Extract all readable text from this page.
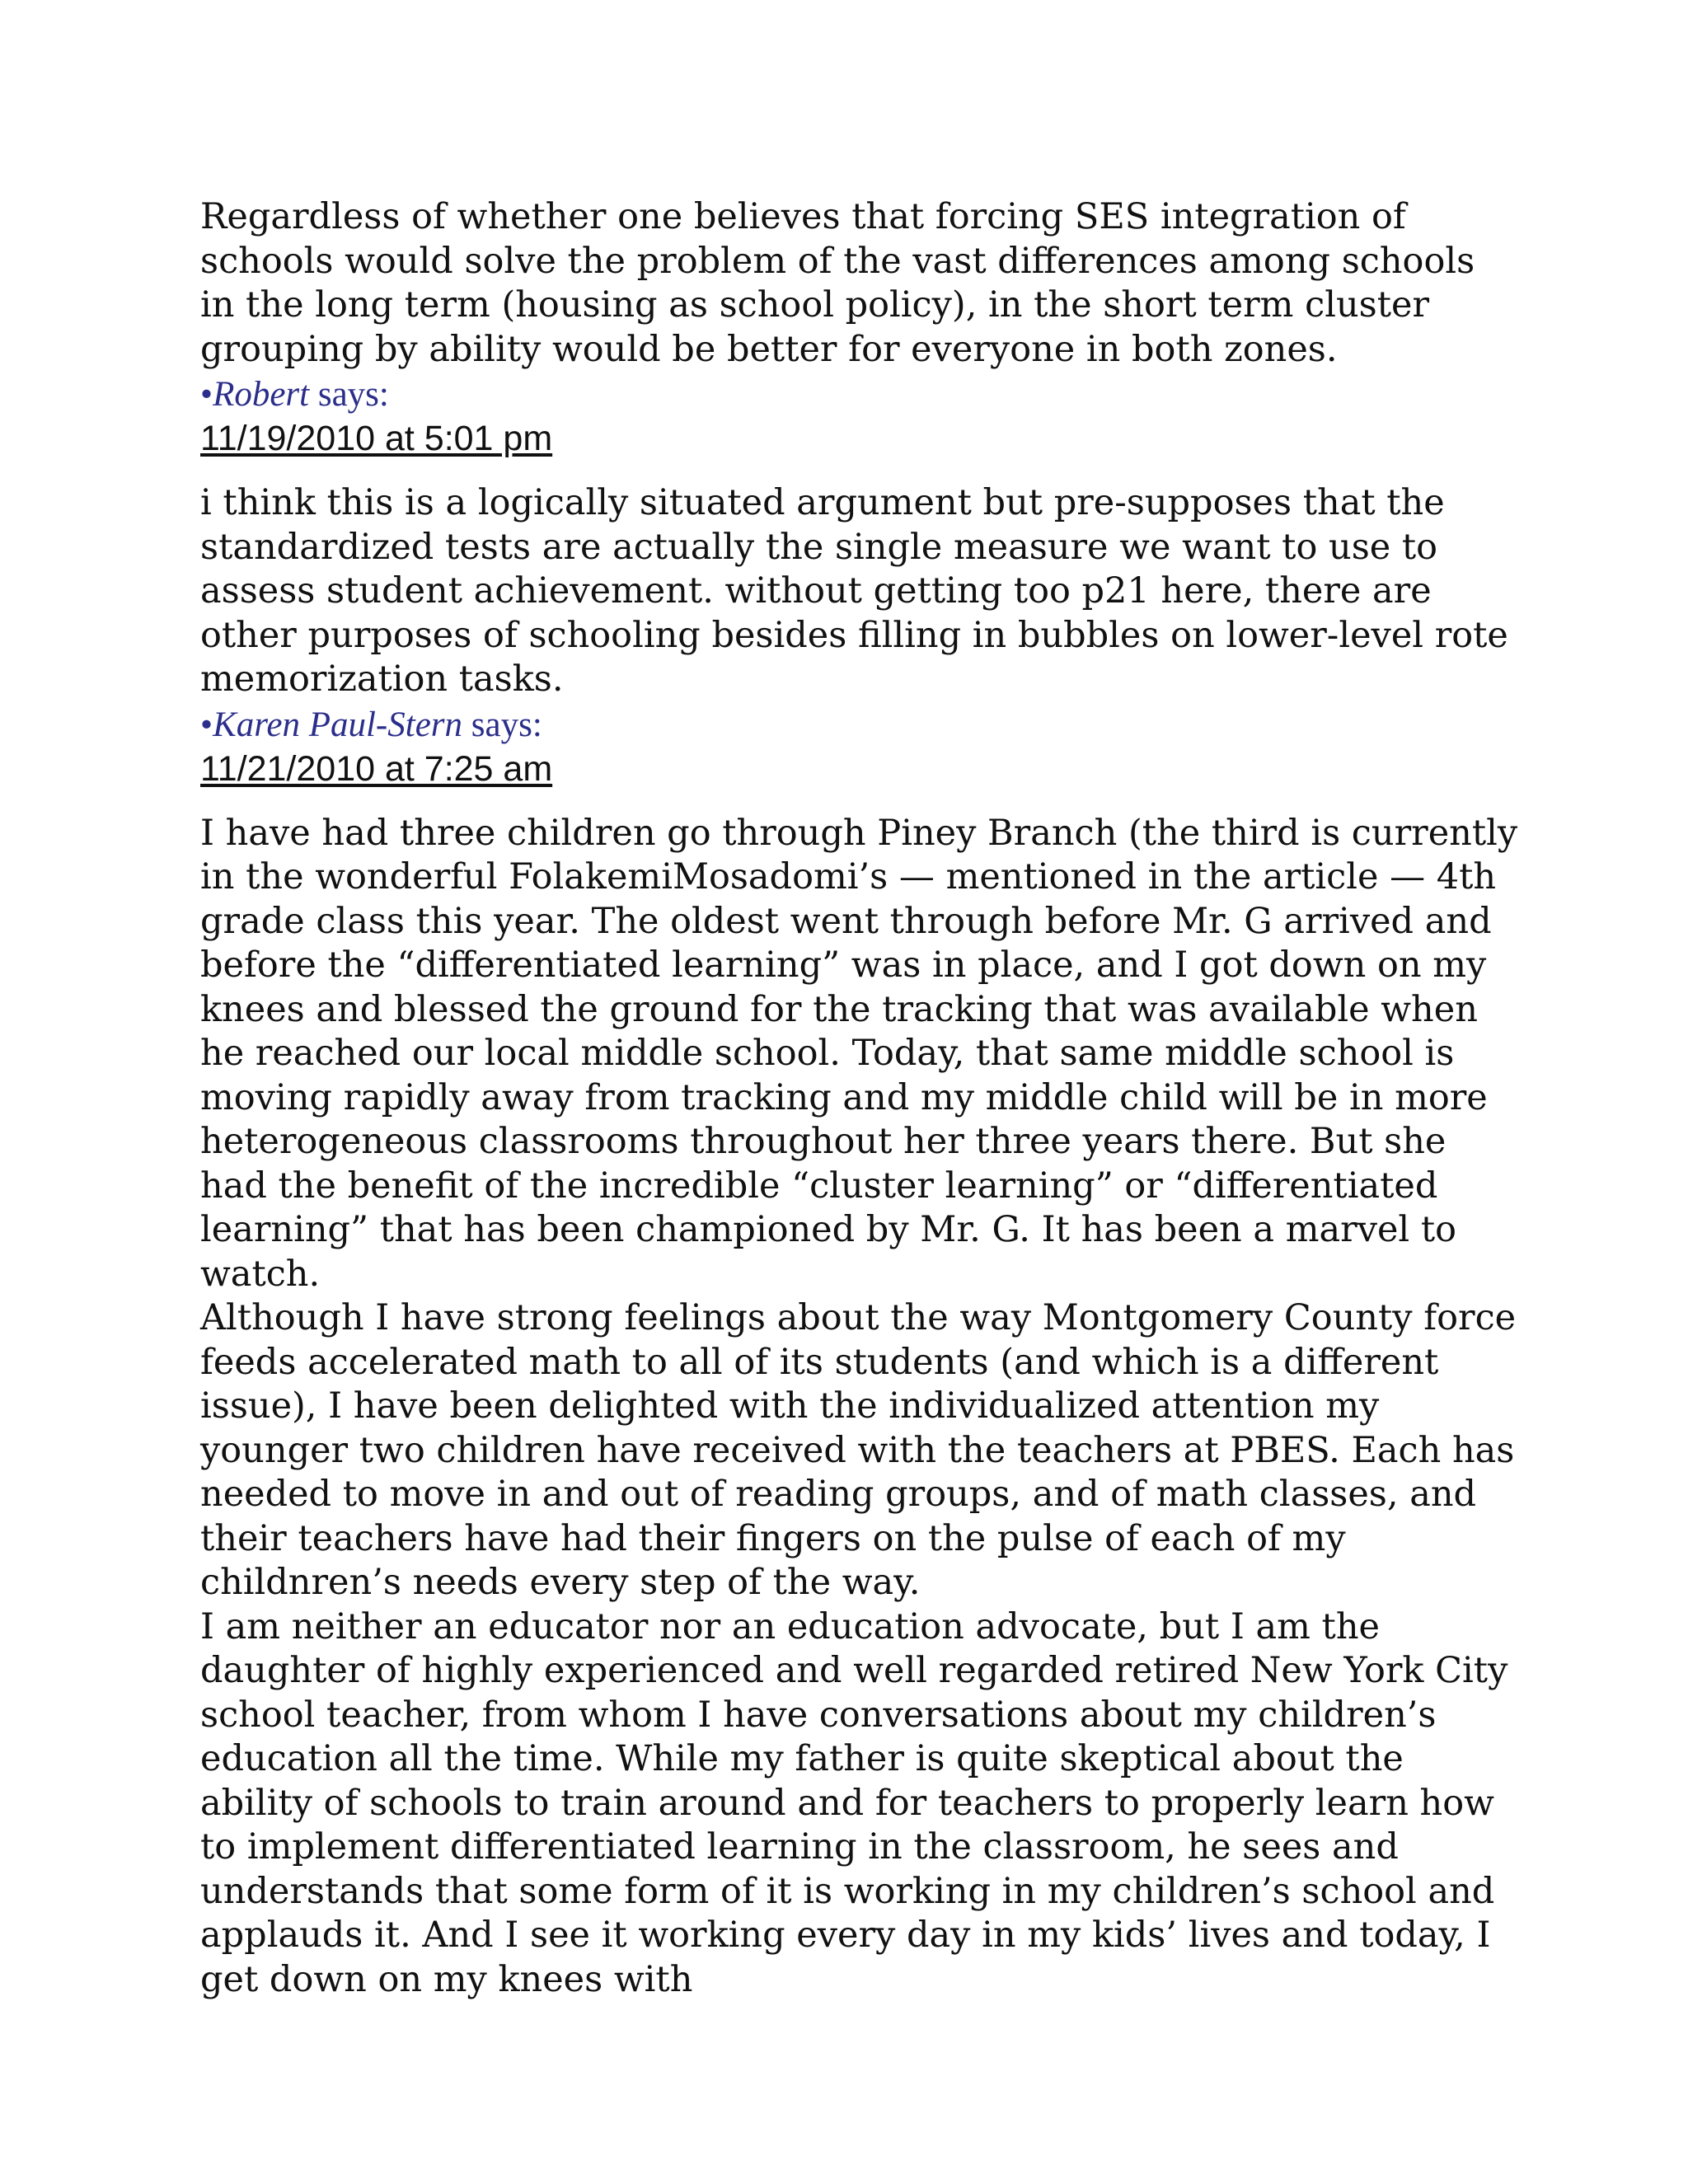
Regardless of whether one believes that forcing SES integration of schools would solve the problem of the vast differences among schools in the long term (housing as school policy), in the short term cluster grouping by ability would be better for everyone in both zones.

•Robert says:
11/19/2010 at 5:01 pm

i think this is a logically situated argument but pre-supposes that the standardized tests are actually the single measure we want to use to assess student achievement. without getting too p21 here, there are other purposes of schooling besides filling in bubbles on lower-level rote memorization tasks.

•Karen Paul-Stern says:
11/21/2010 at 7:25 am

I have had three children go through Piney Branch (the third is currently in the wonderful FolakemiMosadomi’s — mentioned in the article — 4th grade class this year. The oldest went through before Mr. G arrived and before the “differentiated learning” was in place, and I got down on my knees and blessed the ground for the tracking that was available when he reached our local middle school. Today, that same middle school is moving rapidly away from tracking and my middle child will be in more heterogeneous classrooms throughout her three years there. But she had the benefit of the incredible “cluster learning” or “differentiated learning” that has been championed by Mr. G. It has been a marvel to watch.

Although I have strong feelings about the way Montgomery County force feeds accelerated math to all of its students (and which is a different issue), I have been delighted with the individualized attention my younger two children have received with the teachers at PBES. Each has needed to move in and out of reading groups, and of math classes, and their teachers have had their fingers on the pulse of each of my childnren’s needs every step of the way.

I am neither an educator nor an education advocate, but I am the daughter of highly experienced and well regarded retired New York City school teacher, from whom I have conversations about my children’s education all the time. While my father is quite skeptical about the ability of schools to train around and for teachers to properly learn how to implement differentiated learning in the classroom, he sees and understands that some form of it is working in my children’s school and applauds it. And I see it working every day in my kids’ lives and today, I get down on my knees with
